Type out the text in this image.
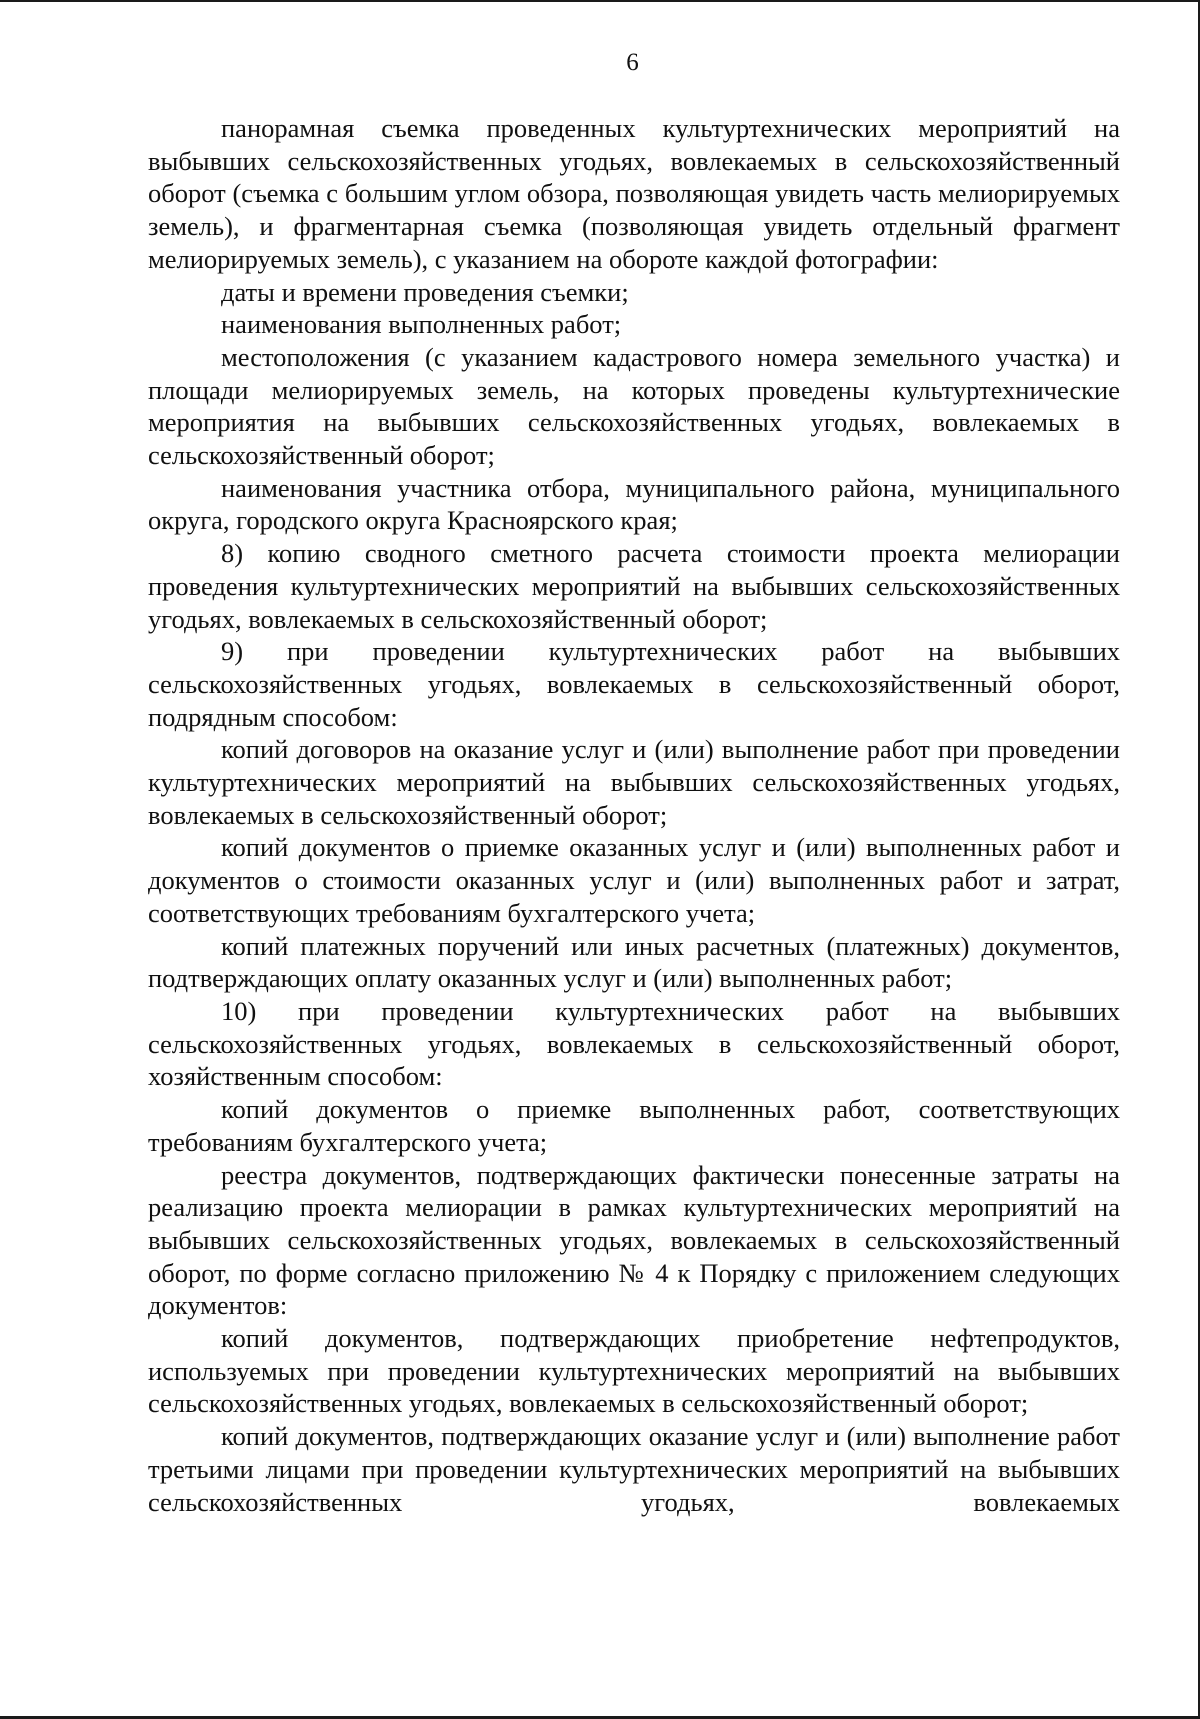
6

панорамная съемка проведенных культуртехнических мероприятий на выбывших сельскохозяйственных угодьях, вовлекаемых в сельскохозяйственный оборот (съемка с большим углом обзора, позволяющая увидеть часть мелиорируемых земель), и фрагментарная съемка (позволяющая увидеть отдельный фрагмент мелиорируемых земель), с указанием на обороте каждой фотографии:

даты и времени проведения съемки;

наименования выполненных работ;

местоположения (с указанием кадастрового номера земельного участка) и площади мелиорируемых земель, на которых проведены культуртехнические мероприятия на выбывших сельскохозяйственных угодьях, вовлекаемых в сельскохозяйственный оборот;

наименования участника отбора, муниципального района, муниципального округа, городского округа Красноярского края;

8) копию сводного сметного расчета стоимости проекта мелиорации проведения культуртехнических мероприятий на выбывших сельскохозяйственных угодьях, вовлекаемых в сельскохозяйственный оборот;

9) при проведении культуртехнических работ на выбывших сельскохозяйственных угодьях, вовлекаемых в сельскохозяйственный оборот, подрядным способом:

копий договоров на оказание услуг и (или) выполнение работ при проведении культуртехнических мероприятий на выбывших сельскохозяйственных угодьях, вовлекаемых в сельскохозяйственный оборот;

копий документов о приемке оказанных услуг и (или) выполненных работ и документов о стоимости оказанных услуг и (или) выполненных работ и затрат, соответствующих требованиям бухгалтерского учета;

копий платежных поручений или иных расчетных (платежных) документов, подтверждающих оплату оказанных услуг и (или) выполненных работ;

10) при проведении культуртехнических работ на выбывших сельскохозяйственных угодьях, вовлекаемых в сельскохозяйственный оборот, хозяйственным способом:

копий документов о приемке выполненных работ, соответствующих требованиям бухгалтерского учета;

реестра документов, подтверждающих фактически понесенные затраты на реализацию проекта мелиорации в рамках культуртехнических мероприятий на выбывших сельскохозяйственных угодьях, вовлекаемых в сельскохозяйственный оборот, по форме согласно приложению № 4 к Порядку с приложением следующих документов:

копий документов, подтверждающих приобретение нефтепродуктов, используемых при проведении культуртехнических мероприятий на выбывших сельскохозяйственных угодьях, вовлекаемых в сельскохозяйственный оборот;

копий документов, подтверждающих оказание услуг и (или) выполнение работ третьими лицами при проведении культуртехнических мероприятий на выбывших сельскохозяйственных угодьях, вовлекаемых
